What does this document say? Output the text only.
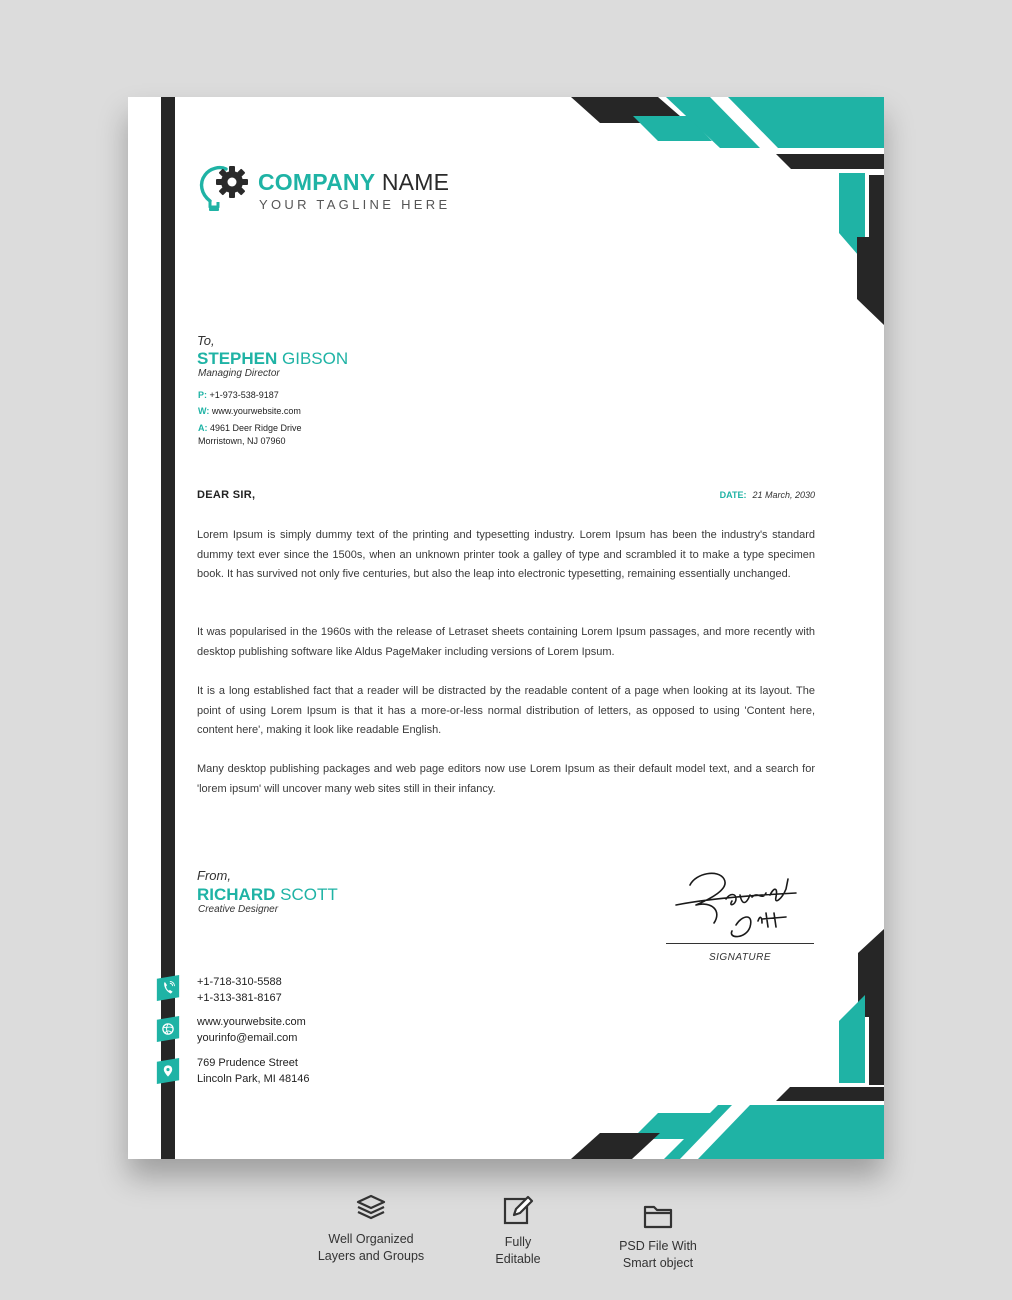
COMPANY NAME
YOUR TAGLINE HERE
To,
STEPHEN GIBSON
Managing Director
P: +1-973-538-9187
W: www.yourwebsite.com
A: 4961 Deer Ridge Drive
Morristown, NJ 07960
DEAR SIR,	DATE: 21 March, 2030

Lorem Ipsum is simply dummy text of the printing and typesetting industry. Lorem Ipsum has been the industry's standard dummy text ever since the 1500s, when an unknown printer took a galley of type and scrambled it to make a type specimen book. It has survived not only five centuries, but also the leap into electronic typesetting, remaining essentially unchanged.

It was popularised in the 1960s with the release of Letraset sheets containing Lorem Ipsum passages, and more recently with desktop publishing software like Aldus PageMaker including versions of Lorem Ipsum.

It is a long established fact that a reader will be distracted by the readable content of a page when looking at its layout. The point of using Lorem Ipsum is that it has a more-or-less normal distribution of letters, as opposed to using 'Content here, content here', making it look like readable English.

Many desktop publishing packages and web page editors now use Lorem Ipsum as their default model text, and a search for 'lorem ipsum' will uncover many web sites still in their infancy.

From,
RICHARD SCOTT
Creative Designer
SIGNATURE
+1-718-310-5588
+1-313-381-8167
www.yourwebsite.com
yourinfo@email.com
769 Prudence Street
Lincoln Park, MI 48146
Well Organized
Layers and Groups
Fully
Editable
PSD File With
Smart object
